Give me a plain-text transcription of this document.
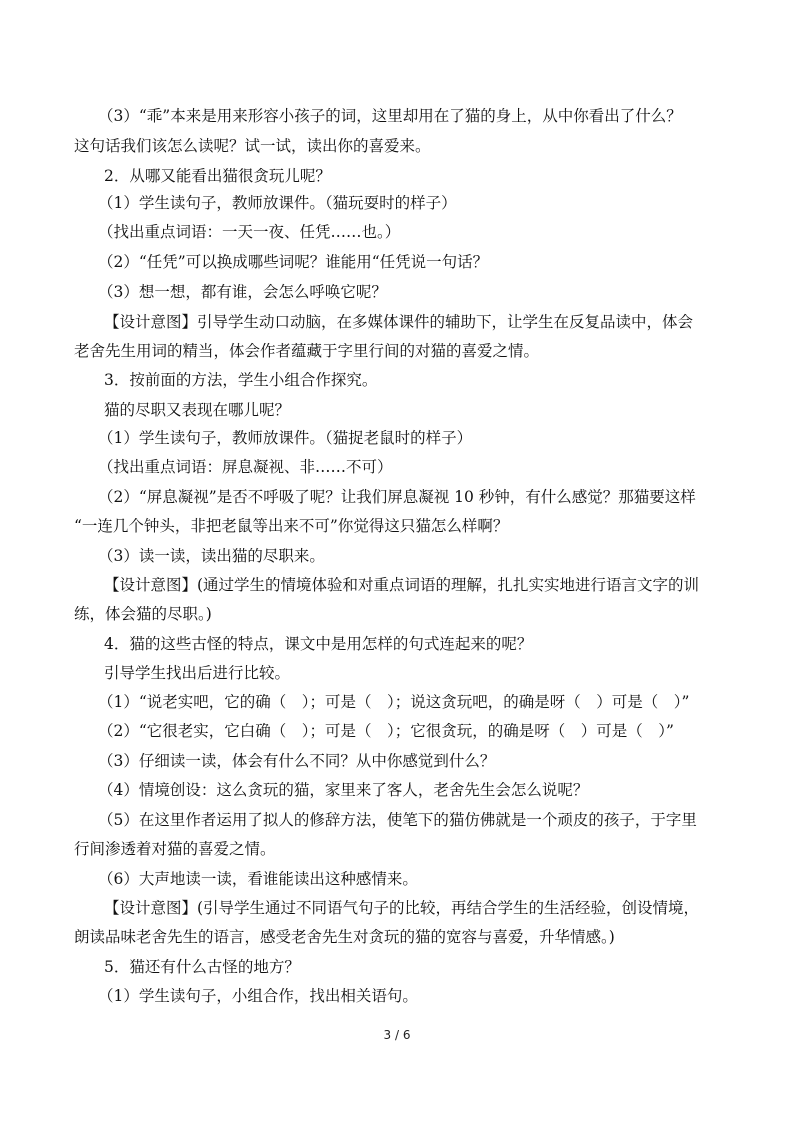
（3）“乖”本来是用来形容小孩子的词，这里却用在了猫的身上，从中你看出了什么？
这句话我们该怎么读呢？试一试，读出你的喜爱来。
2．从哪又能看出猫很贪玩儿呢？
（1）学生读句子，教师放课件。（猫玩耍时的样子）
（找出重点词语：一天一夜、任凭……也。）
（2）“任凭”可以换成哪些词呢？谁能用“任凭说一句话？
（3）想一想，都有谁，会怎么呼唤它呢？
【设计意图】引导学生动口动脑，在多媒体课件的辅助下，让学生在反复品读中，体会
老舍先生用词的精当，体会作者蕴藏于字里行间的对猫的喜爱之情。
3．按前面的方法，学生小组合作探究。
猫的尽职又表现在哪儿呢？
（1）学生读句子，教师放课件。（猫捉老鼠时的样子）
（找出重点词语：屏息凝视、非……不可）
（2）“屏息凝视”是否不呼吸了呢？让我们屏息凝视 10 秒钟，有什么感觉？那猫要这样
“一连几个钟头，非把老鼠等出来不可”你觉得这只猫怎么样啊？
（3）读一读，读出猫的尽职来。
【设计意图】(通过学生的情境体验和对重点词语的理解，扎扎实实地进行语言文字的训
练，体会猫的尽职。)
4．猫的这些古怪的特点，课文中是用怎样的句式连起来的呢？
引导学生找出后进行比较。
（1）“说老实吧，它的确（　）；可是（　）；说这贪玩吧，的确是呀（　）可是（　）”
（2）“它很老实，它白确（　）；可是（　）；它很贪玩，的确是呀（　）可是（　）”
（3）仔细读一读，体会有什么不同？从中你感觉到什么？
（4）情境创设：这么贪玩的猫，家里来了客人，老舍先生会怎么说呢？
（5）在这里作者运用了拟人的修辞方法，使笔下的猫仿佛就是一个顽皮的孩子，于字里
行间渗透着对猫的喜爱之情。
（6）大声地读一读，看谁能读出这种感情来。
【设计意图】(引导学生通过不同语气句子的比较，再结合学生的生活经验，创设情境，
朗读品味老舍先生的语言，感受老舍先生对贪玩的猫的宽容与喜爱，升华情感。)
5．猫还有什么古怪的地方？
（1）学生读句子，小组合作，找出相关语句。
3 / 6
